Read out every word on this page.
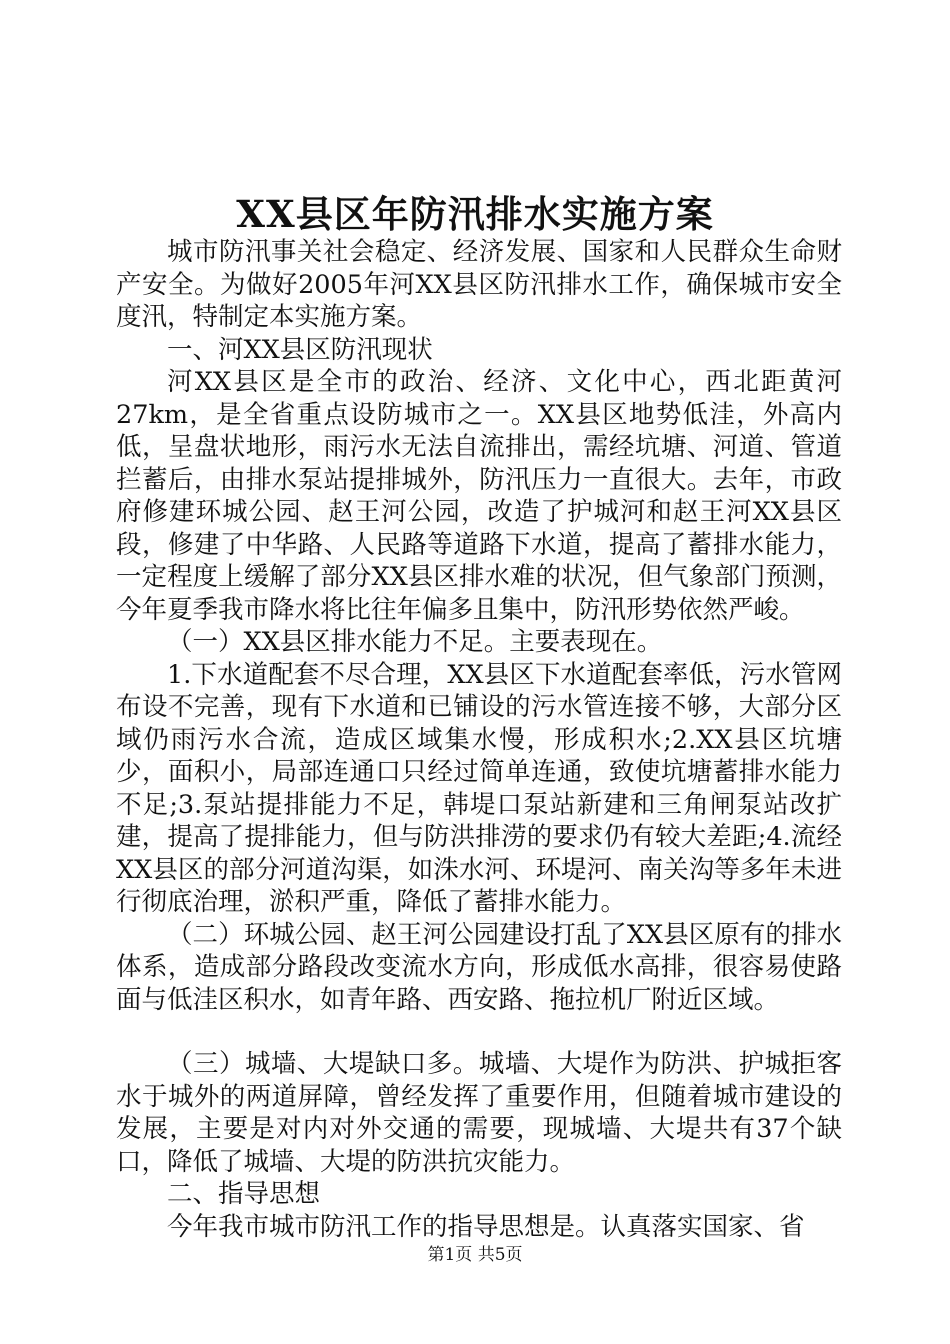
XX县区年防汛排水实施方案

城市防汛事关社会稳定、经济发展、国家和人民群众生命财产安全。为做好2005年河XX县区防汛排水工作，确保城市安全度汛，特制定本实施方案。

一、河XX县区防汛现状

河XX县区是全市的政治、经济、文化中心，西北距黄河27km，是全省重点设防城市之一。XX县区地势低洼，外高内低，呈盘状地形，雨污水无法自流排出，需经坑塘、河道、管道拦蓄后，由排水泵站提排城外，防汛压力一直很大。去年，市政府修建环城公园、赵王河公园，改造了护城河和赵王河XX县区段，修建了中华路、人民路等道路下水道，提高了蓄排水能力，一定程度上缓解了部分XX县区排水难的状况，但气象部门预测，今年夏季我市降水将比往年偏多且集中，防汛形势依然严峻。

（一）XX县区排水能力不足。主要表现在。

1.下水道配套不尽合理，XX县区下水道配套率低，污水管网布设不完善，现有下水道和已铺设的污水管连接不够，大部分区域仍雨污水合流，造成区域集水慢，形成积水;2.XX县区坑塘少，面积小，局部连通口只经过简单连通，致使坑塘蓄排水能力不足;3.泵站提排能力不足，韩堤口泵站新建和三角闸泵站改扩建，提高了提排能力，但与防洪排涝的要求仍有较大差距;4.流经XX县区的部分河道沟渠，如洙水河、环堤河、南关沟等多年未进行彻底治理，淤积严重，降低了蓄排水能力。

（二）环城公园、赵王河公园建设打乱了XX县区原有的排水体系，造成部分路段改变流水方向，形成低水高排，很容易使路面与低洼区积水，如青年路、西安路、拖拉机厂附近区域。

（三）城墙、大堤缺口多。城墙、大堤作为防洪、护城拒客水于城外的两道屏障，曾经发挥了重要作用，但随着城市建设的发展，主要是对内对外交通的需要，现城墙、大堤共有37个缺口，降低了城墙、大堤的防洪抗灾能力。

二、指导思想

今年我市城市防汛工作的指导思想是。认真落实国家、省

第1页 共5页
